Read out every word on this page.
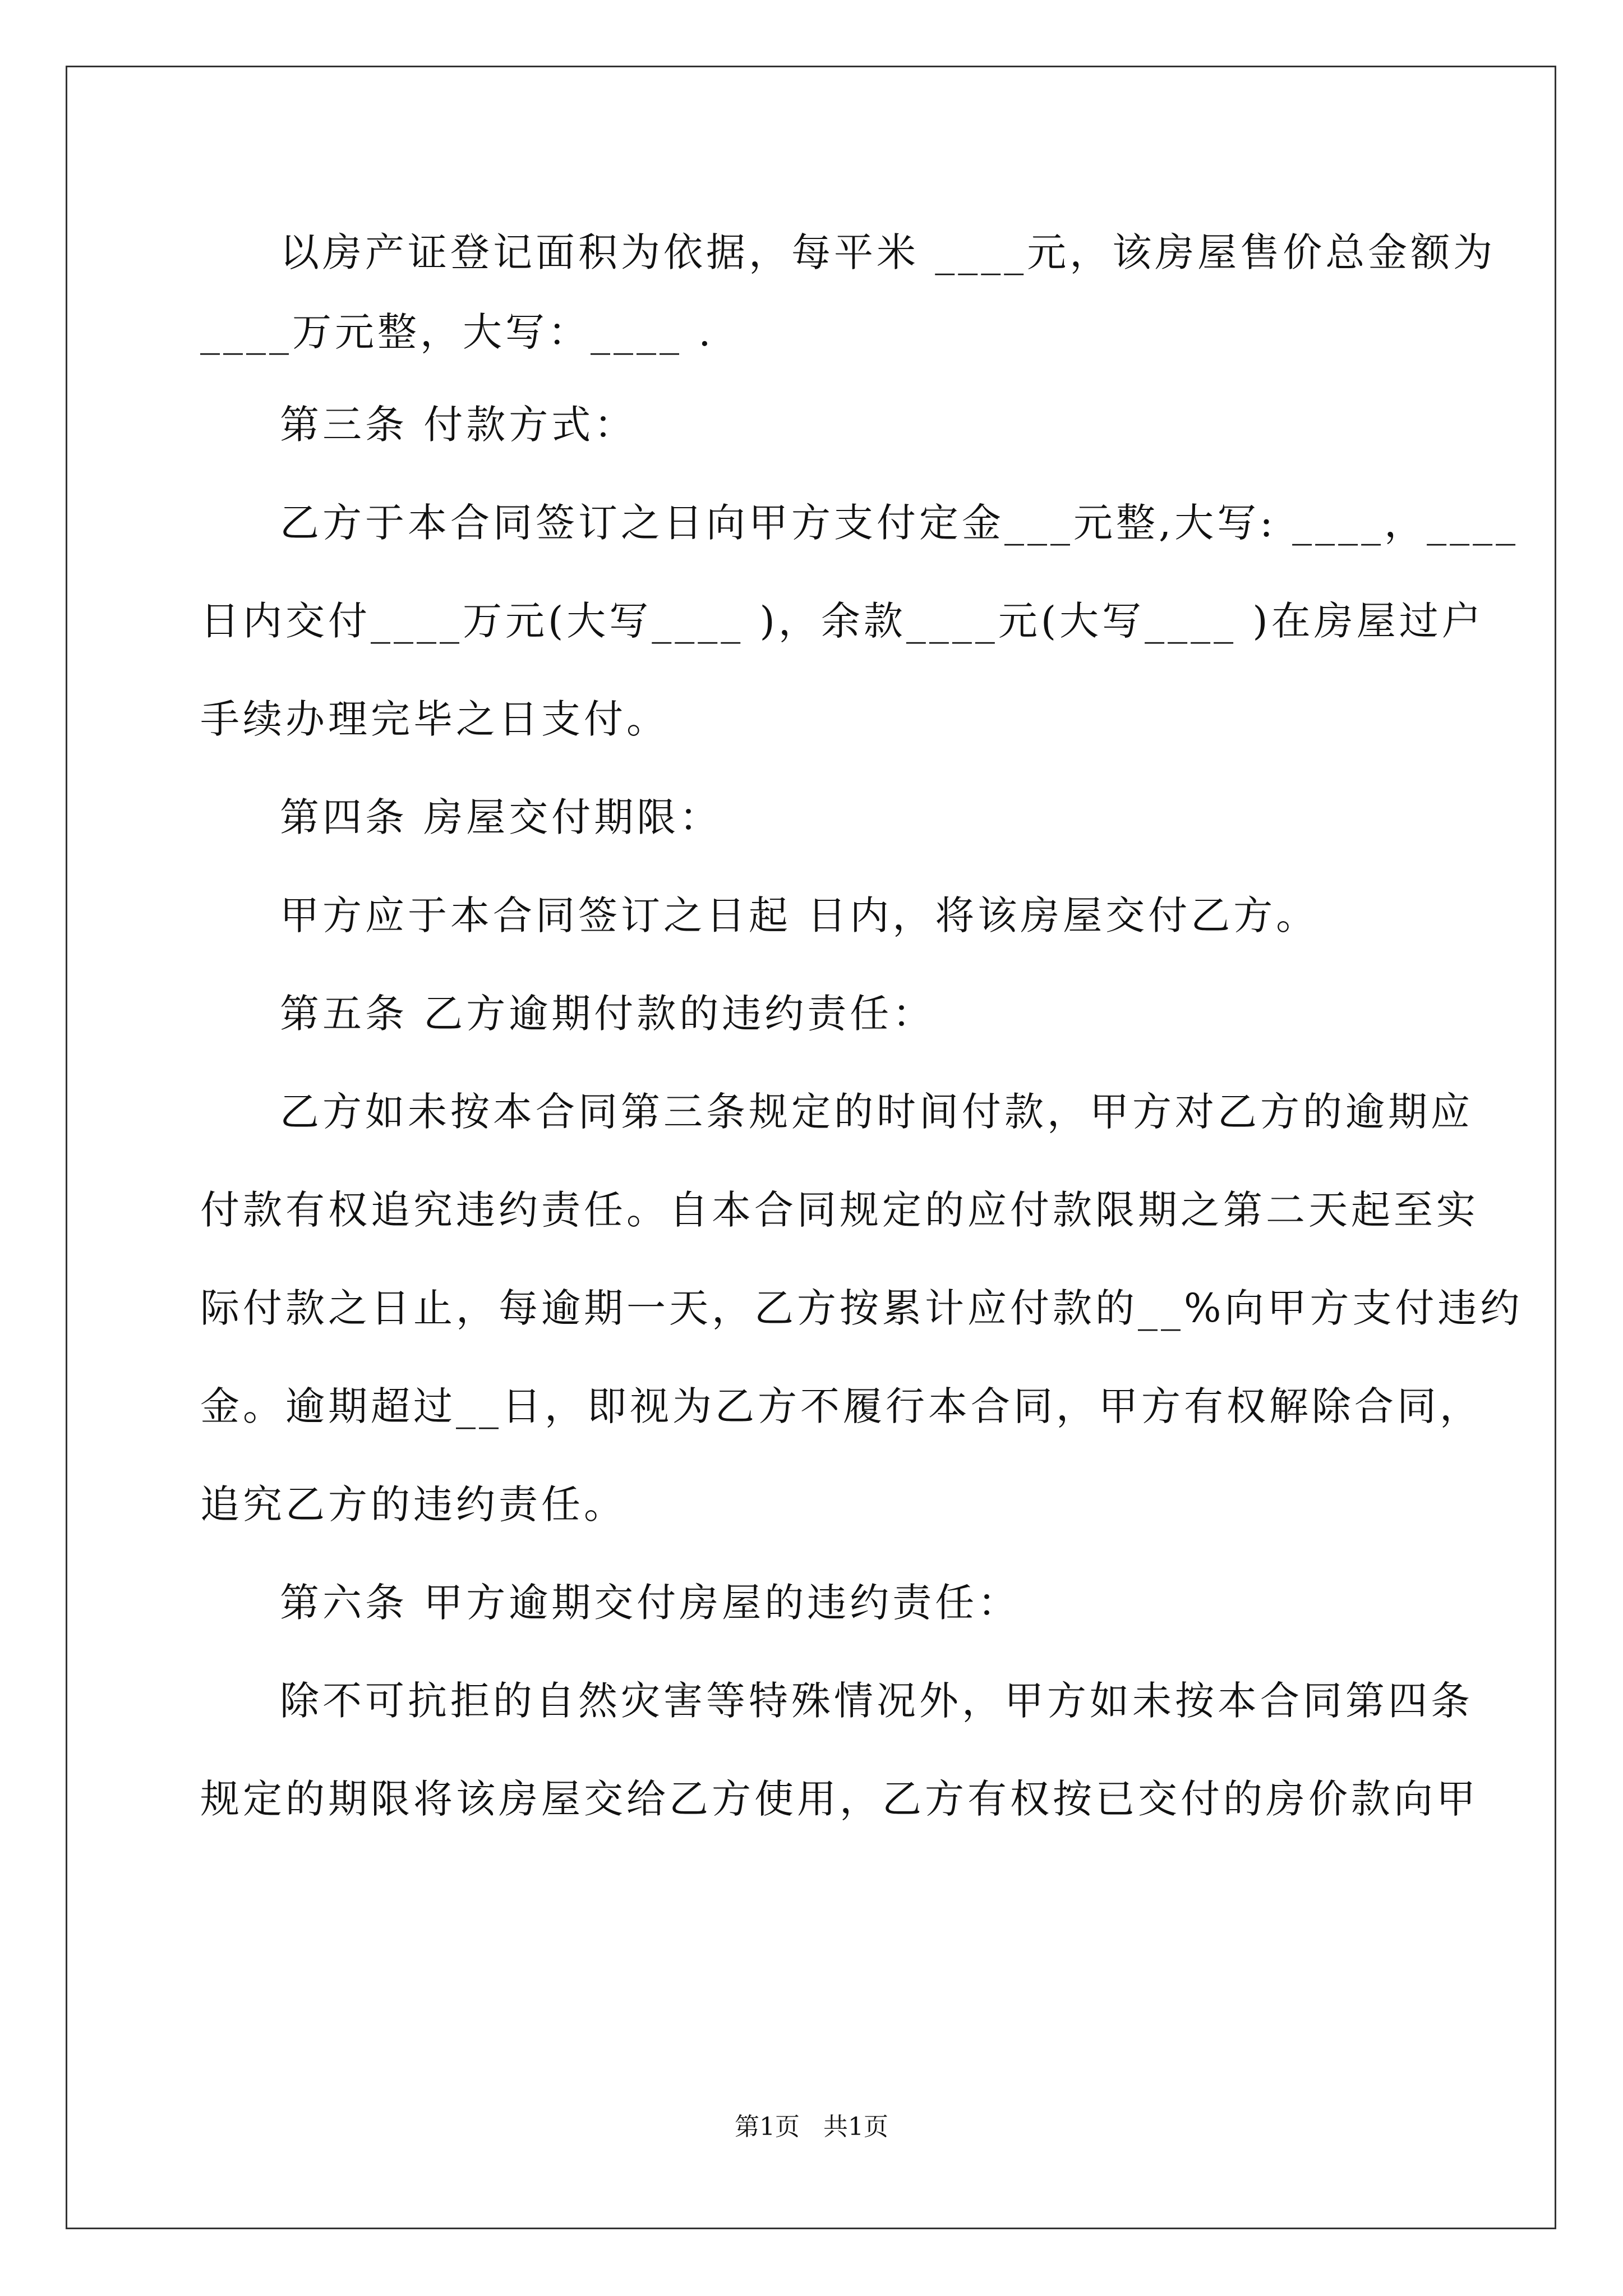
以房产证登记面积为依据，每平米 ____元，该房屋售价总金额为
____万元整，大写：____ .
第三条 付款方式：
乙方于本合同签订之日向甲方支付定金___元整,大写: ____，____
日内交付____万元(大写____ )，余款____元(大写____ )在房屋过户
手续办理完毕之日支付。
第四条 房屋交付期限：
甲方应于本合同签订之日起 日内，将该房屋交付乙方。
第五条 乙方逾期付款的违约责任：
乙方如未按本合同第三条规定的时间付款，甲方对乙方的逾期应
付款有权追究违约责任。自本合同规定的应付款限期之第二天起至实
际付款之日止，每逾期一天，乙方按累计应付款的__%向甲方支付违约
金。逾期超过__日，即视为乙方不履行本合同，甲方有权解除合同，
追究乙方的违约责任。
第六条 甲方逾期交付房屋的违约责任：
除不可抗拒的自然灾害等特殊情况外，甲方如未按本合同第四条
规定的期限将该房屋交给乙方使用，乙方有权按已交付的房价款向甲
第1页   共1页
